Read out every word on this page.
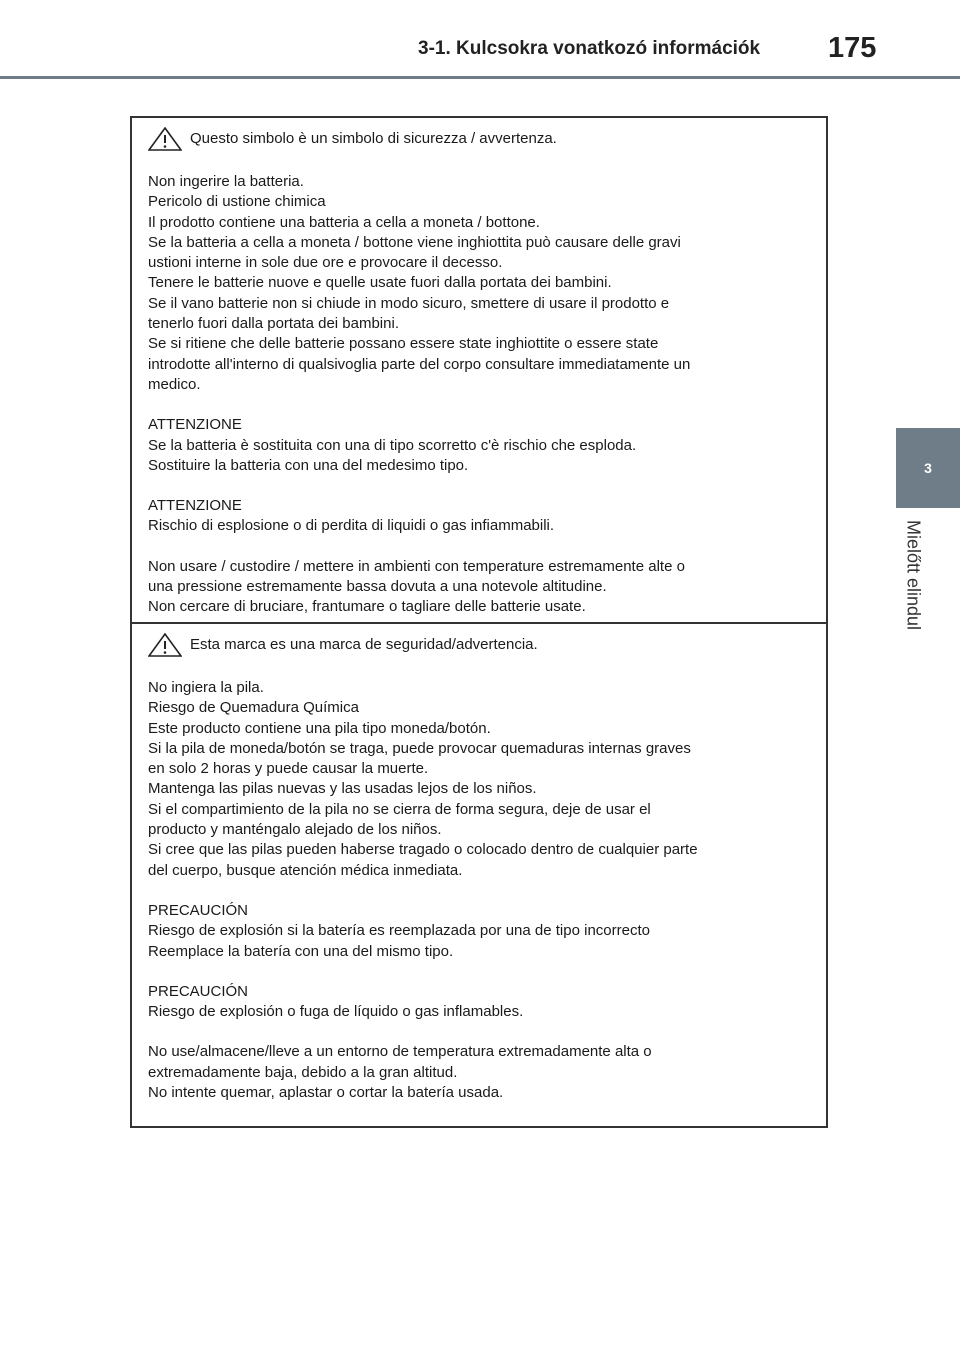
3-1. Kulcsokra vonatkozó információk 175
3
Mielőtt elindul
Questo simbolo è un simbolo di sicurezza / avvertenza.

Non ingerire la batteria.
Pericolo di ustione chimica
Il prodotto contiene una batteria a cella a moneta / bottone.
Se la batteria a cella a moneta / bottone viene inghiottita può causare delle gravi
ustioni interne in sole due ore e provocare il decesso.
Tenere le batterie nuove e quelle usate fuori dalla portata dei bambini.
Se il vano batterie non si chiude in modo sicuro, smettere di usare il prodotto e
tenerlo fuori dalla portata dei bambini.
Se si ritiene che delle batterie possano essere state inghiottite o essere state
introdotte all'interno di qualsivoglia parte del corpo consultare immediatamente un
medico.

ATTENZIONE
Se la batteria è sostituita con una di tipo scorretto c'è rischio che esploda.
Sostituire la batteria con una del medesimo tipo.

ATTENZIONE
Rischio di esplosione o di perdita di liquidi o gas infiammabili.

Non usare / custodire / mettere in ambienti con temperature estremamente alte o
una pressione estremamente bassa dovuta a una notevole altitudine.
Non cercare di bruciare, frantumare o tagliare delle batterie usate.

Esta marca es una marca de seguridad/advertencia.

No ingiera la pila.
Riesgo de Quemadura Química
Este producto contiene una pila tipo moneda/botón.
Si la pila de moneda/botón se traga, puede provocar quemaduras internas graves
en solo 2 horas y puede causar la muerte.
Mantenga las pilas nuevas y las usadas lejos de los niños.
Si el compartimiento de la pila no se cierra de forma segura, deje de usar el
producto y manténgalo alejado de los niños.
Si cree que las pilas pueden haberse tragado o colocado dentro de cualquier parte
del cuerpo, busque atención médica inmediata.

PRECAUCIÓN
Riesgo de explosión si la batería es reemplazada por una de tipo incorrecto
Reemplace la batería con una del mismo tipo.

PRECAUCIÓN
Riesgo de explosión o fuga de líquido o gas inflamables.

No use/almacene/lleve a un entorno de temperatura extremadamente alta o
extremadamente baja, debido a la gran altitud.
No intente quemar, aplastar o cortar la batería usada.
